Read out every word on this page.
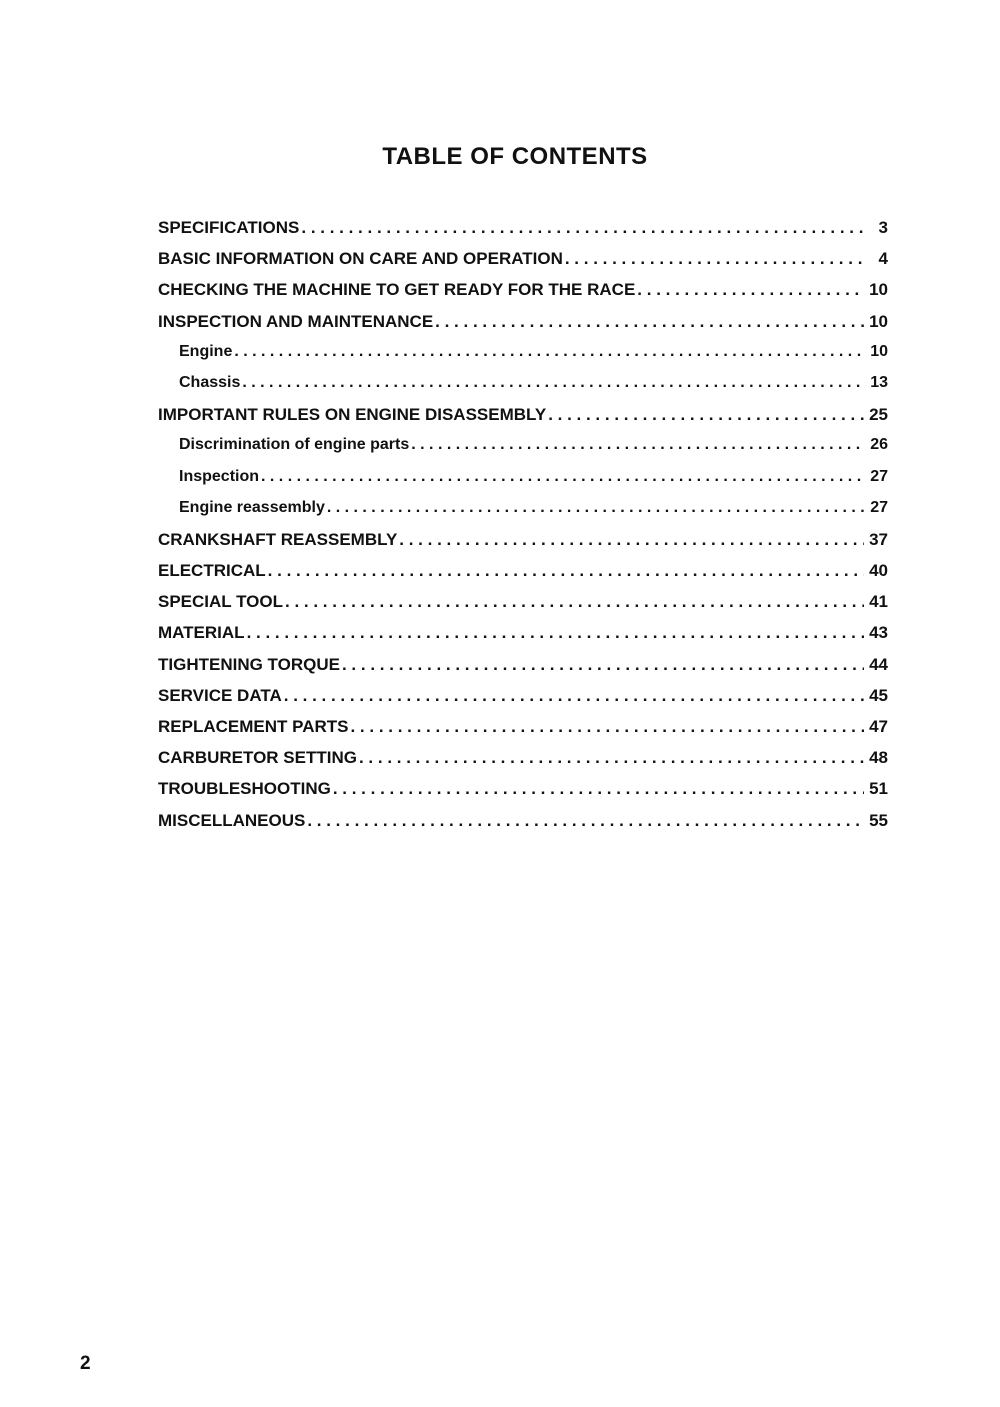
TABLE OF CONTENTS
SPECIFICATIONS . . .	3
BASIC INFORMATION ON CARE AND OPERATION . . .	4
CHECKING THE MACHINE TO GET READY FOR THE RACE . . .	10
INSPECTION AND MAINTENANCE . . .	10
Engine . . .	10
Chassis . . .	13
IMPORTANT RULES ON ENGINE DISASSEMBLY . . .	25
Discrimination of engine parts . . .	26
Inspection . . .	27
Engine reassembly . . .	27
CRANKSHAFT REASSEMBLY . . .	37
ELECTRICAL . . .	40
SPECIAL TOOL . . .	41
MATERIAL . . .	43
TIGHTENING TORQUE . . .	44
SERVICE DATA . . .	45
REPLACEMENT PARTS . . .	47
CARBURETOR SETTING . . .	48
TROUBLESHOOTING . . .	51
MISCELLANEOUS . . .	55
2
